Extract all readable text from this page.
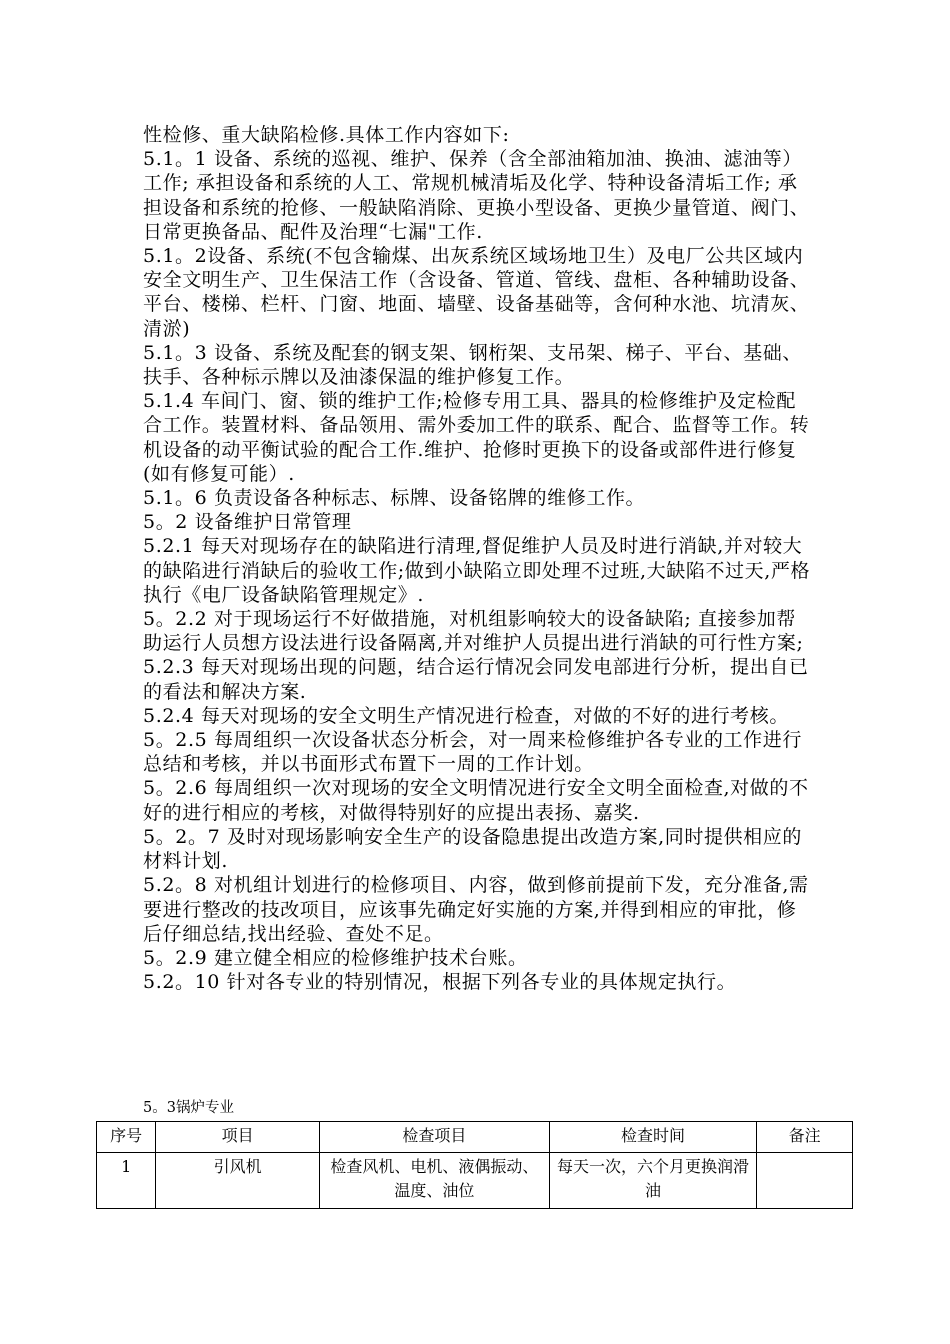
性检修、重大缺陷检修.具体工作内容如下:

5.1。1 设备、系统的巡视、维护、保养（含全部油箱加油、换油、滤油等）工作; 承担设备和系统的人工、常规机械清垢及化学、特种设备清垢工作; 承担设备和系统的抢修、一般缺陷消除、更换小型设备、更换少量管道、阀门、日常更换备品、配件及治理“七漏"工作.

5.1。2设备、系统(不包含输煤、出灰系统区域场地卫生）及电厂公共区域内安全文明生产、卫生保洁工作（含设备、管道、管线、盘柜、各种辅助设备、平台、楼梯、栏杆、门窗、地面、墙壁、设备基础等，含何种水池、坑清灰、清淤)

5.1。3 设备、系统及配套的钢支架、钢桁架、支吊架、梯子、平台、基础、扶手、各种标示牌以及油漆保温的维护修复工作。

5.1.4 车间门、窗、锁的维护工作;检修专用工具、器具的检修维护及定检配合工作。装置材料、备品领用、需外委加工件的联系、配合、监督等工作。转机设备的动平衡试验的配合工作.维护、抢修时更换下的设备或部件进行修复(如有修复可能）.

5.1。6 负责设备各种标志、标牌、设备铭牌的维修工作。

5。2 设备维护日常管理

5.2.1 每天对现场存在的缺陷进行清理,督促维护人员及时进行消缺,并对较大的缺陷进行消缺后的验收工作;做到小缺陷立即处理不过班,大缺陷不过天,严格执行《电厂设备缺陷管理规定》.

5。2.2 对于现场运行不好做措施，对机组影响较大的设备缺陷; 直接参加帮助运行人员想方设法进行设备隔离,并对维护人员提出进行消缺的可行性方案;

5.2.3 每天对现场出现的问题，结合运行情况会同发电部进行分析，提出自已的看法和解决方案.

5.2.4 每天对现场的安全文明生产情况进行检查，对做的不好的进行考核。

5。2.5 每周组织一次设备状态分析会，对一周来检修维护各专业的工作进行总结和考核，并以书面形式布置下一周的工作计划。

5。2.6 每周组织一次对现场的安全文明情况进行安全文明全面检查,对做的不好的进行相应的考核，对做得特别好的应提出表扬、嘉奖.

5。2。7 及时对现场影响安全生产的设备隐患提出改造方案,同时提供相应的材料计划.

5.2。8 对机组计划进行的检修项目、内容，做到修前提前下发，充分准备,需要进行整改的技改项目，应该事先确定好实施的方案,并得到相应的审批，修后仔细总结,找出经验、查处不足。

5。2.9 建立健全相应的检修维护技术台账。

5.2。10 针对各专业的特别情况，根据下列各专业的具体规定执行。

5。3锅炉专业
序号	项目	检查项目	检查时间	备注
1	引风机	检查风机、电机、液偶振动、温度、油位	每天一次，六个月更换润滑油	
